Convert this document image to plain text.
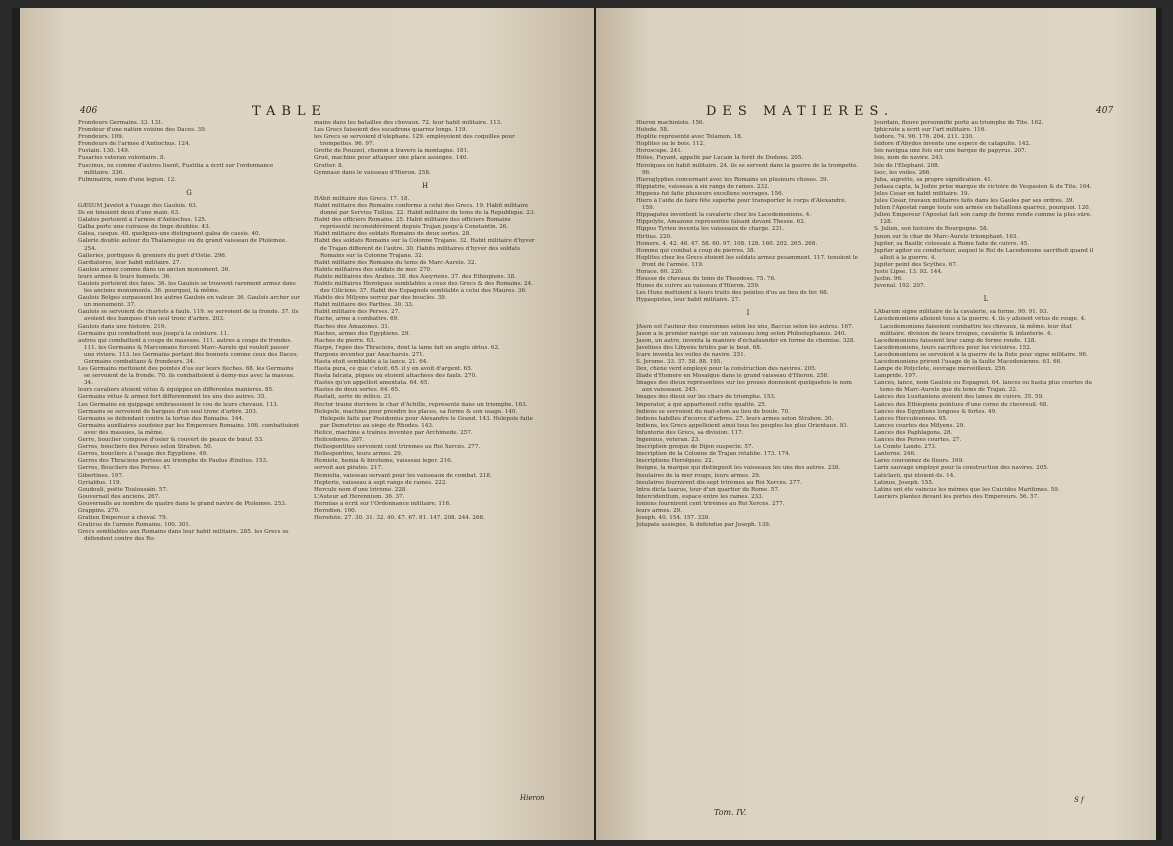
406	TABLE
Frondeurs Germains. 33. 131.
Frondeur d'une nation voisine des Daces. 39.
Frondeurs. 109.
Frondeurs de l'armée d'Antiochus. 124.
Fustain. 130. 149.
Fusarius veteran volontaire. 8.
Fuscinus, ou comme d'autres lisent, Fustitia a écrit sur l'ordonnance militaire. 336.
Fulminatrix, nom d'une legion. 12.
G
GÆSUM Javelot à l'usage des Gaulois. 63.
Ils en tenoient deux d'une main. 63.
Galates portoient à l'armée d'Antiochus. 125.
Galba porte une cuirasse de linge doublée. 43.
Galea, casque. 40. quelques-uns distinguent galea de cassis. 40.
Galerie double autour du Thalamegue ou du grand vaisseau de Ptolemée. 254.
Galleries, portiques & greniers du port d'Ostie. 296.
Gardiatores, leur habit militaire. 27.
Gaulois armez comme dans un ancien monument. 36.
leurs armes & leurs bonnets. 36.
Gaulois portoient des faies. 36. les Gaulois se trouvent rarement armez dans les anciens monuments. 36. pourquoi, là même.
Gaulois Belges surpassent les autres Gaulois en valeur. 36. Gaulois archer sur un monument. 37.
Gaulois se servoient de chariots à faulx. 119. se servoient de la fronde. 37. ils avoient des banques d'un seul tronc d'arbre. 203.
Gaulois dans une histoire. 219.
Germains qui combattent nus jusqu'à la ceinture. 11.
autres qui combattent à coups de massues. 111. autres à coups de frondes. 111. les Germains & Marcomans forcent Marc-Aurele qui vouloit passer une riviere. 113. les Germains portant des bonnets comme ceux des Daces; Germains combattans & frondeurs. 34.
Les Germains mettoient des pointes d'os sur leurs fleches. 68. les Germains se servoient de la fronde. 70. ils combattoient à demy-nus avec la massue. 34.
leurs cavaliers étoient vêtus & équippez en differentes manieres. 85.
Germains vêtus & armez fort differemment les uns des autres. 35.
Les Germains en quippage embrassoient le cou de leurs chevaux. 113.
Germains se servoient de barques d'un seul tronc d'arbre. 203.
Germains se défendant contre la tortue des Romains. 144.
Germains auxiliaires soudoiez par les Empereurs Romains. 106. combattoient avec des massues, la même.
Gerre, bouclier composé d'osier & couvert de peaux de bœuf. 53.
Gerres, boucliers des Perses selon Strabon. 50.
Gerres, boucliers à l'usage des Egyptiens. 49.
Gerres des Thraciens portées au triomphe de Paulus Æmilius. 153.
Gerres, Boucliers des Perses. 47.
Gibertines. 197.
Gyrialdus. 119.
Goudouli, poëte Toulousain. 57.
Gouvernail des anciens. 267.
Gouvernails au nombre de quatre dans le grand navire de Ptolemée. 253.
Grappins. 270.
Gratien Empereur à cheval. 79.
Graticus de l'armée Romaine. 100. 301.
Grecs semblables aux Romains dans leur habit militaire. 285. les Grecs se défendent contre des Ro-
mains dans les batailles des chevaux. 72. leur habit militaire. 113.
Les Grecs faisoient des escadrons quarrez longs. 119.
les Grecs se servoient d'elephans. 129. employoient des coquilles pour trompettes. 96. 97.
Grotte de Pouzzol, chemin à travers la montagne. 181.
Gruë, machine pour attaquer une place assiegée. 140.
Grutter. 8.
Gymnase dans le vaisseau d'Hieron. 258.
H
HAbit militaire des Grecs. 17. 18.
Habit militaire des Romains conforme à celui des Grecs. 19. Habit militaire donné par Servius Tullius. 22. Habit militaire du tems de la Republique. 23.
Habit des officiers Romains. 25. Habit militaire des officiers Romains représenté inconsidérément depuis Trajan jusqu'à Constantin. 26.
Habit militaire des soldats Romains de deux sortes. 28.
Habit des soldats Romains sur la Colonne Trajane. 32. Habit militaire d'hyver de Trajan different de l'autre. 30. Habits militaires d'hyver des soldats Romains sur la Colonne Trajane. 32.
Habit militaire des Romains du tems de Marc-Aurele. 32.
Habits militaires des soldats de mer. 270.
Habits militaires des Arabes. 38. des Assyriens. 37. des Ethiopiens. 38.
Habits militaires Heroïques semblables à ceux des Grecs & des Romains. 24. des Ciliciens. 37. Habit des Espagnols semblable à celui des Maures. 36.
Habits des Milyens serrez par des boucles. 39.
Habit militaire des Parthes. 30. 33.
Habit militaire des Perses. 27.
Hache, arme à combattre. 69.
Haches des Amazones. 31.
Haches, armes des Egyptiens. 29.
Haches de pierre. 63.
Harpé, l'épée des Thraciens, dont la lame fait un angle obtus. 62.
Harpons inventez par Anacharsis. 271.
Hasta étoit semblable à la lance. 21. 64.
Hasta pura, ce que c'etoit. 65. il y en avoit d'argent. 65.
Hasta falcata, piques où étoient attachées des faulx. 270.
Hastes qu'on appelloit amentata. 64. 65.
Hastes de deux sortes. 64. 65.
Hastati, sorte de milice. 21.
Hector traîné derriere le char d'Achille, représenté dans un triomphe. 163.
Helepole, machine pour prendre les places, sa forme & son usage. 140. Helepole faite par Posidonius pour Alexandre le Grand. 143. Helepole faite par Demetrius au siege de Rhodes. 143.
Helice, machine à traînes inventée par Archimede. 257.
Helicedores. 207.
Hellespontites servoient cent trirèmes au Roi Xercès. 277.
Hellespontins, leurs armes. 29.
Hemiole, hemia & biroteme, vaisseau leger. 216.
servoit aux pirates. 217.
Hemiolia, vaisseau servant pour les vaisseaux de combat. 218.
Hepteris, vaisseau à sept rangs de rames. 222.
Hercule nom d'une trirème. 228.
L'Auteur ad Herennium. 36. 37.
Hermias a écrit sur l'Ordonnance militaire. 116.
Herodien. 100.
Herodote. 27. 30. 31. 32. 40. 47. 67. 81. 147. 208. 244. 268.
Hieron
DES MATIERES.	407
Hieron machiniste. 156.
Holode. 58.
Hoplite représenté avec Telamon. 18.
Hoplites ou le bois. 112.
Horoscope. 241.
Hôtes, Fuyant, appellé par Lucain la forêt de Dodone. 205.
Heroïques en habit militaire. 24. ils se servent dans la guerre de la trompette. 96.
Hieroglyphes concernant avec les Romains en plusieurs choses. 39.
Hippiatrie, vaisseau à six rangs de rames. 232.
Hippeus fut faite plusieurs excellens ouvrages. 156.
Hiero à l'aide de faire fête superbe pour transporter le corps d'Alexandre. 159.
Hippagates inventent la cavalerie chez les Lacedemoniens. 4.
Hippolyte, Amazone représentée faisant devant Thesée. 62.
Hippus Tyrien inventa les vaisseaux de charge. 231.
Hirtius. 220.
Homere. 4. 42. 46. 47. 58. 60. 97. 108. 128. 160. 202. 265. 268.
Homme qui combat à coup de pierres. 38.
Hoplites chez les Grecs étoient les soldats armez pesamment. 117. tenoient le front de l'armée. 119.
Horace. 60. 220.
Housse de chevaux du tems de Theodose. 75. 76.
Hunes de cuivre au vaisseau d'Hieron. 259.
Les Huns mettoient à leurs traits des pointes d'os au lieu de fer. 68.
Hypaspistes, leur habit militaire. 27.
I
JAson est l'auteur des couronnes selon les uns, Baccus selon les autres. 167.
Jason a le premier navigé sur un vaisseau long selon Philostephanus. 240.
Jason, un autre, inventa la maniere d'échafaunder en forme de chemise. 328.
Javelines des Libyens brûlés par le bout. 68.
Icare inventa les voiles de navire. 251.
S. Jerome. 33. 37. 58. 88. 195.
Ilex, chêne verd employé pour la construction des navires. 205.
Iliade d'Homere en Mosaïque dans le grand vaisseau d'Hieron. 258.
Images des dieux représentées sur les proues donnoient quelquefois le nom aux vaisseaux. 245.
Images des dieux sur les chars de triomphe. 153.
Imperator, à qui appartenoit cette qualité. 25.
Indiens se servoient du mat-stom au lieu de boule. 70.
Indiens habillés d'écorce d'arbres. 27. leurs armes selon Strabon. 30.
Indiens, les Grecs appelloient ainsi tous les peuples les plus Orientaux. 81.
Infanterie des Grecs, sa division. 117.
Ingenuus, veteran. 23.
Inscription greque de Dijon suspecte. 57.
Inscription de la Colonne de Trajan rétablie. 173. 174.
Inscriptions Heroïques. 22.
Insigne, la marque qui distinguoit les vaisseaux les uns des autres. 238.
Insulaires de la mer rouge, leurs armes. 29.
Insulaires fournirent dix-sept trirèmes au Roi Xercès. 277.
Intra dicta taurus, tour d'un quartier de Rome. 57.
Intercidentium, espace entre les rames. 233.
Ioniens fournirent cent trirèmes au Roi Xercès. 277.
leurs armes. 29.
Joseph. 40. 154. 157. 339.
Jotapate assiegée, & défendue par Joseph. 139.
Jourdain, fleuve personnifié porté au triomphe de Tite. 162.
Iphicrate a écrit sur l'art militaire. 116.
Isidore. 74. 96. 176. 204. 211. 230.
Isidore d'Abydos invente une espece de catapulte. 142.
Isis navigua une fois sur une barque de papyrus. 207.
Isis, nom de navire. 243.
Isle de l'Elephant. 208.
Isoc, les voiles. 266.
Juba, aigrette, sa propre signification. 41.
Judaea capta, la Judée prise marque de victoire de Vespasien & de Tite. 164.
Jules Cesar en habit militaire. 19.
Jules Cesar, travaux militaires faits dans les Gaules par ses ordres. 39.
Julien l'Apostat range toute son armée en bataillons quarrez, pourquoi. 120.
Julien Empereur l'Apostat fait son camp de forme ronde comme la plus sûre. 128.
S. Julien, son histoire de Bourgogne. 58.
Junon sur le char de Marc-Aurele triomphant. 163.
Jupiter, sa Basilic colossale à Rome faite de cuivre. 45.
Jupiter agitor ou conducteur, auquel le Roi de Lacedemone sacrifioit quand il alloit à la guerre. 4.
Jupiter peint des Scythes. 67.
Juste Lipse. 13. 92. 144.
Justin. 96.
Juvenal. 192. 207.
L
LAbarum signe militaire de la cavalerie, sa forme. 90. 91. 93.
Lacedemoniens alloient tous à la guerre. 4. ils y alloient vêtus de rouge. 4. Lacedemoniens faisoient combattre les chevaux, là même. leur état militaire. division de leurs troupes, cavalerie & infanterie. 4.
Lacedemoniens faisoient leur camp de forme ronde. 128.
Lacedemoniens, leurs sacrifices pour les victoires. 152.
Lacedemoniens se servoient à la guerre de la flute pour signe militaire. 96.
Lacedemoniens prirent l'usage de la faulte Macedonienne. 63. 66.
Lampe de Polyclete, ouvrage merveilleux. 256.
Lampride. 197.
Lances, lance, nom Gaulois ou Espagnol. 64. lances ou hasta plus courtes du tems de Marc-Aurele que du tems de Trajan. 22.
Lances des Lusitaniens avoient des lames de cuivre. 35. 59.
Lances des Ethiopiens pointues d'une corne de chevreuil. 68.
Lances des Egyptiens longues & fortes. 49.
Lances Herculéennes. 65.
Lances courtes des Milyens. 29.
Lances des Paphlagons. 28.
Lances des Perses courtes. 27.
Le Comte Lando. 273.
Lanterne. 246.
Lares couronnez de fleurs. 169.
Larix sauvage employé pour la construction des navires. 205.
Laticlavii, qui étoient-ils. 14.
Latinus, Joseph. 155.
Latins ont éte vaincus les mêmes que les Cuicides Maritimes. 59.
Lauriers plantez devant les portes des Empereurs. 56. 57.
Tom. IV.
S f
